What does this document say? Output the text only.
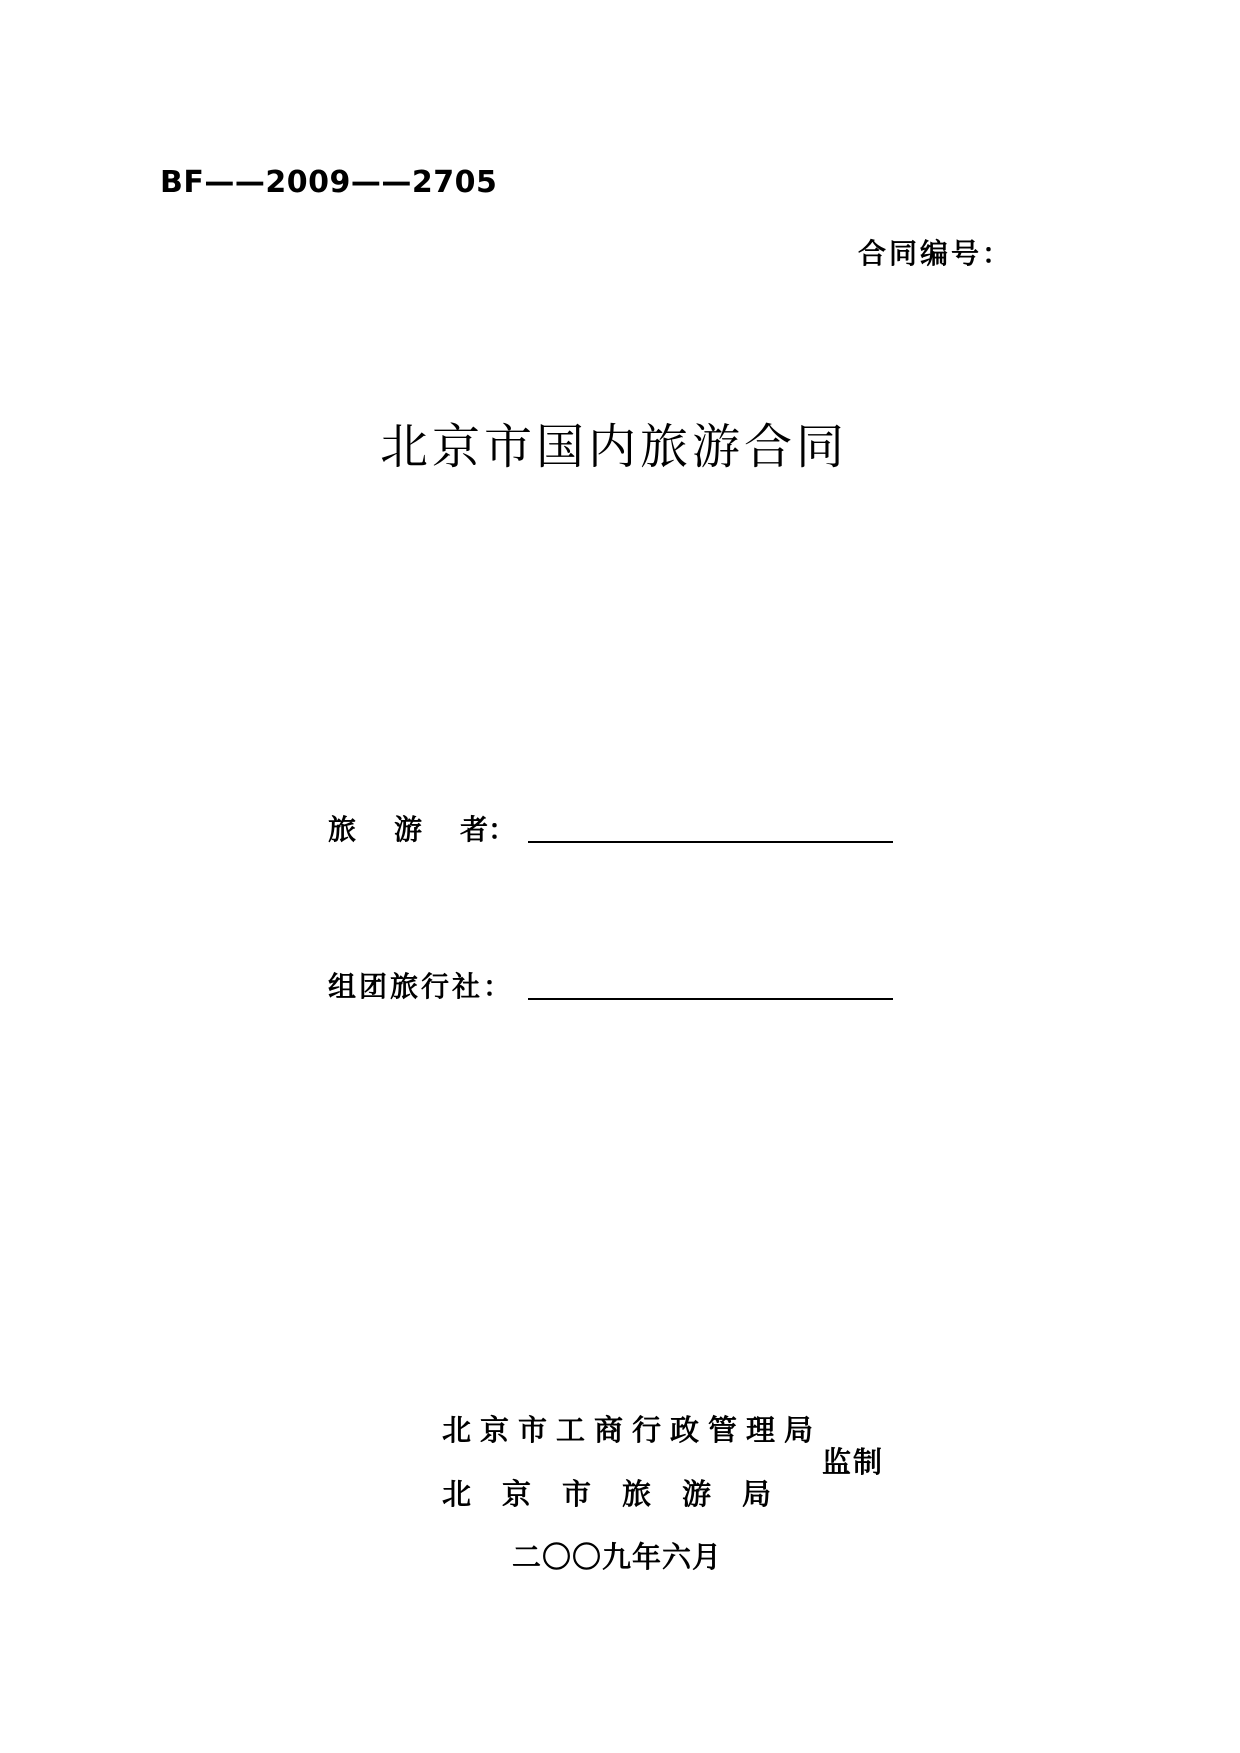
BF——2009——2705
合同编号：
北京市国内旅游合同
旅 游 者：
组团旅行社：
北京市工商行政管理局
北 京 市 旅 游 局
监制
二〇〇九年六月
